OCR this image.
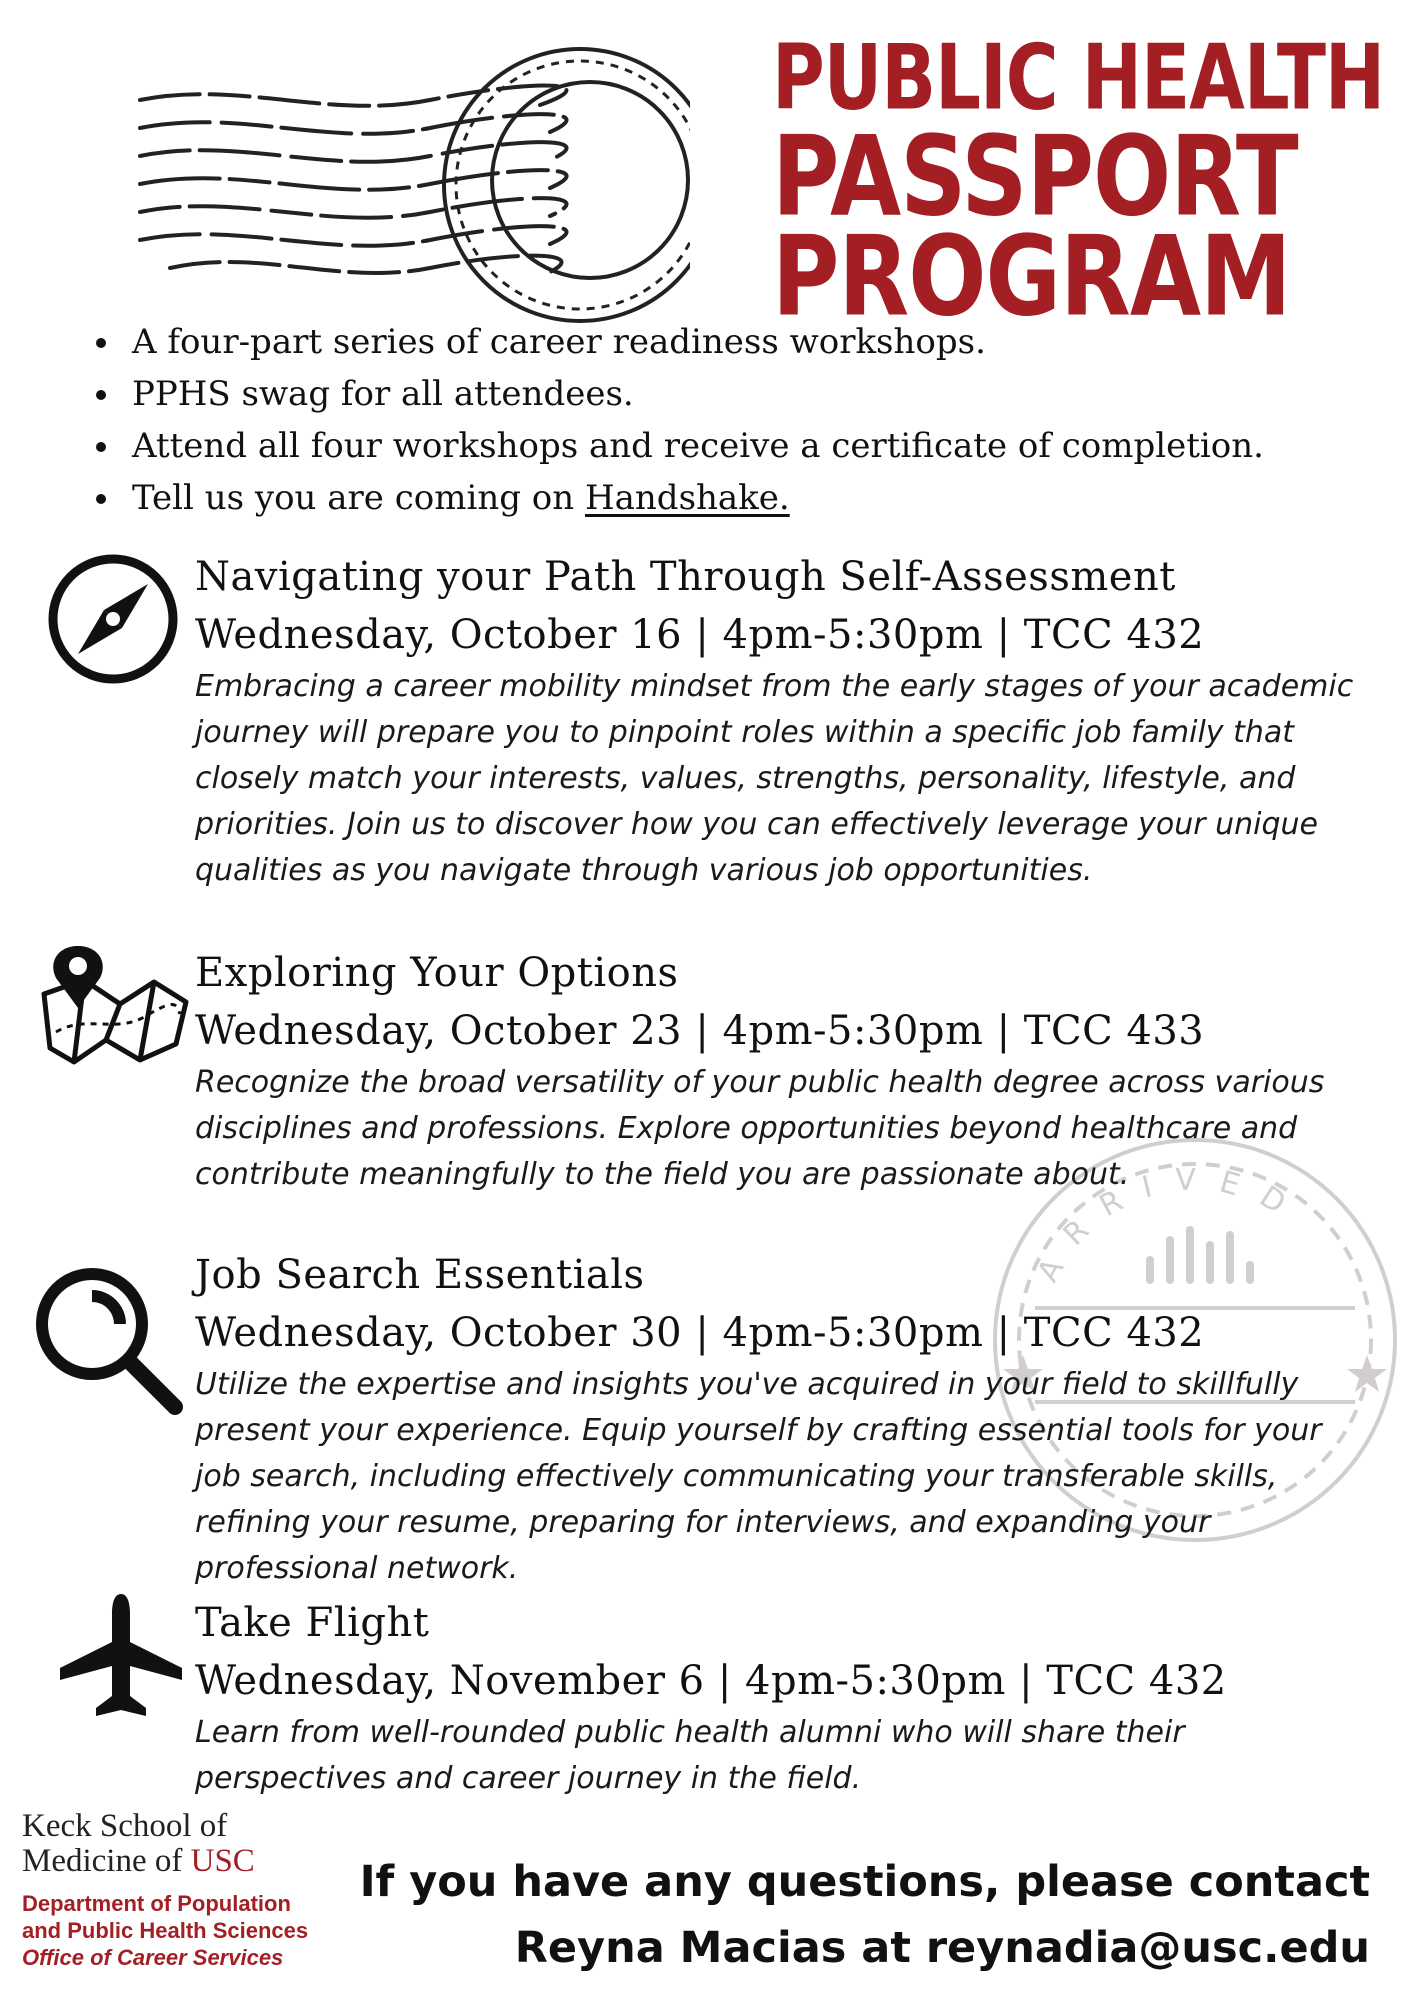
PUBLIC HEALTH
PASSPORT
PROGRAM
A four-part series of career readiness workshops.
PPHS swag for all attendees.
Attend all four workshops and receive a certificate of completion.
Tell us you are coming on Handshake.
ARRIVED
Navigating your Path Through Self-Assessment
Wednesday, October 16 | 4pm-5:30pm | TCC 432
Embracing a career mobility mindset from the early stages of your academic journey will prepare you to pinpoint roles within a specific job family that closely match your interests, values, strengths, personality, lifestyle, and priorities. Join us to discover how you can effectively leverage your unique qualities as you navigate through various job opportunities.
Exploring Your Options
Wednesday, October 23 | 4pm-5:30pm | TCC 433
Recognize the broad versatility of your public health degree across various disciplines and professions. Explore opportunities beyond healthcare and contribute meaningfully to the field you are passionate about.
Job Search Essentials
Wednesday, October 30 | 4pm-5:30pm | TCC 432
Utilize the expertise and insights you've acquired in your field to skillfully present your experience. Equip yourself by crafting essential tools for your job search, including effectively communicating your transferable skills, refining your resume, preparing for interviews, and expanding your professional network.
Take Flight
Wednesday, November 6 | 4pm-5:30pm | TCC 432
Learn from well-rounded public health alumni who will share their perspectives and career journey in the field.
Keck School of
Medicine of USC
Department of Population
and Public Health Sciences
Office of Career Services
If you have any questions, please contact
Reyna Macias at reynadia@usc.edu
